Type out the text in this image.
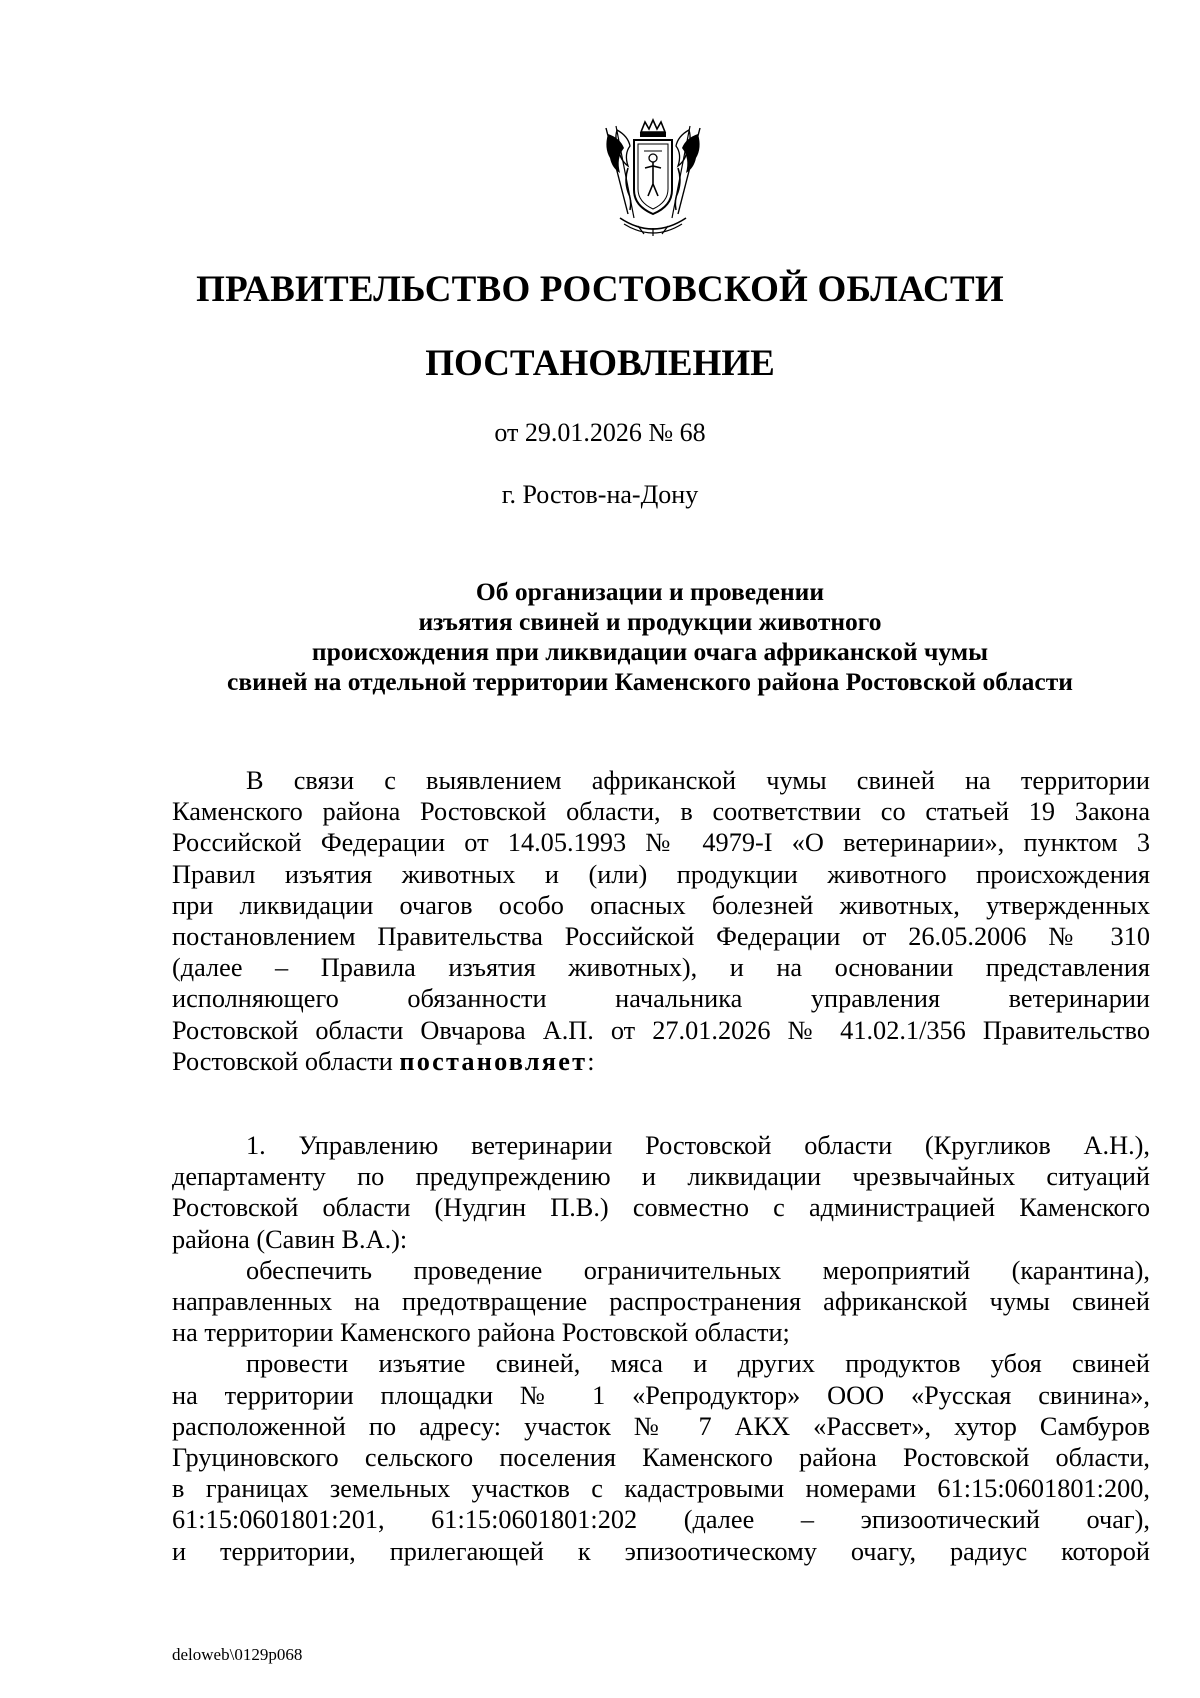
ПРАВИТЕЛЬСТВО РОСТОВСКОЙ ОБЛАСТИ
ПОСТАНОВЛЕНИЕ
от 29.01.2026 № 68
г. Ростов-на-Дону
Об организации и проведении
изъятия свиней и продукции животного
происхождения при ликвидации очага африканской чумы
свиней на отдельной территории Каменского района Ростовской области
В связи с выявлением африканской чумы свиней на территории
Каменского района Ростовской области, в соответствии со статьей 19 Закона
Российской Федерации от 14.05.1993 № 4979-I «О ветеринарии», пунктом 3
Правил изъятия животных и (или) продукции животного происхождения
при ликвидации очагов особо опасных болезней животных, утвержденных
постановлением Правительства Российской Федерации от 26.05.2006 № 310
(далее – Правила изъятия животных), и на основании представления
исполняющего обязанности начальника управления ветеринарии
Ростовской области Овчарова А.П. от 27.01.2026 № 41.02.1/356 Правительство
Ростовской области постановляет:
1. Управлению ветеринарии Ростовской области (Кругликов А.Н.),
департаменту по предупреждению и ликвидации чрезвычайных ситуаций
Ростовской области (Нудгин П.В.) совместно с администрацией Каменского
района (Савин В.А.):
обеспечить проведение ограничительных мероприятий (карантина),
направленных на предотвращение распространения африканской чумы свиней
на территории Каменского района Ростовской области;
провести изъятие свиней, мяса и других продуктов убоя свиней
на территории площадки № 1 «Репродуктор» ООО «Русская свинина»,
расположенной по адресу: участок № 7 АКХ «Рассвет», хутор Самбуров
Груциновского сельского поселения Каменского района Ростовской области,
в границах земельных участков с кадастровыми номерами 61:15:0601801:200,
61:15:0601801:201, 61:15:0601801:202 (далее – эпизоотический очаг),
и территории, прилегающей к эпизоотическому очагу, радиус которой
deloweb\0129p068
